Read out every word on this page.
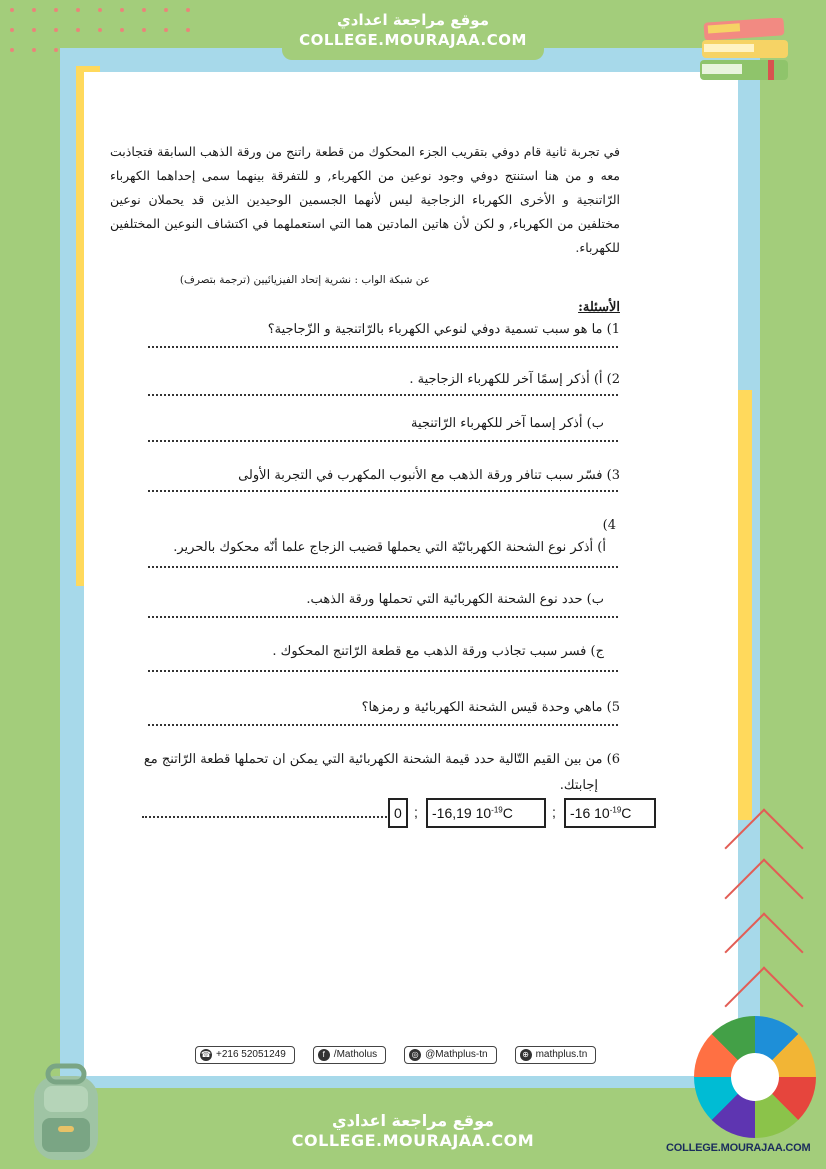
موقع مراجعة اعدادي
COLLEGE.MOURAJAA.COM

في تجربة ثانية قام دوفي بتقريب الجزء المحكوك من قطعة راتنج من ورقة الذهب السابقة فتجاذبت معه و من هنا استنتج دوفي وجود نوعين من الكهرباء, و للتفرقة بينهما سمى إحداهما الكهرباء الرّاتنجية و الأخرى الكهرباء الزجاجية ليس لأنهما الجسمين الوحيدين الذين قد يحملان نوعين مختلفين من الكهرباء, و لكن لأن هاتين المادتين هما التي استعملهما في اكتشاف النوعين المختلفين للكهرباء.

عن شبكة الواب : نشرية إتحاد الفيزيائيين (ترجمة بتصرف)
الأسئلة:
1) ما هو سبب تسمية دوفي لنوعي الكهرباء بالرّاتنجية و الزّجاجية؟
2) أ) أذكر إسمًا آخر للكهرباء الزجاجية .
ب) أذكر إسما آخر للكهرباء الرّاتنجية
3) فسّر سبب تنافر ورقة الذهب مع الأنبوب المكهرب في التجربة الأولى
4)
أ) أذكر نوع الشحنة الكهربائيّة التي يحملها قضيب الزجاج علما أنّه محكوك بالحرير.
ب) حدد نوع الشحنة الكهربائية التي تحملها ورقة الذهب.
ج) فسر سبب تجاذب ورقة الذهب مع قطعة الرّاتنج المحكوك .
5) ماهي وحدة قيس الشحنة الكهربائية و رمزها؟
6) من بين القيم التّالية حدد قيمة الشحنة الكهربائية التي يمكن ان تحملها قطعة الرّاتنج مع
إجابتك.
0 ;	-16,19 $10^{-19}C$	;	-16 $10^{-19}C$
☎ +216 52051249	f /Matholus	◎ @Mathplus-tn	⊕ mathplus.tn
موقع مراجعة اعدادي
COLLEGE.MOURAJAA.COM	COLLEGE.MOURAJAA.COM
